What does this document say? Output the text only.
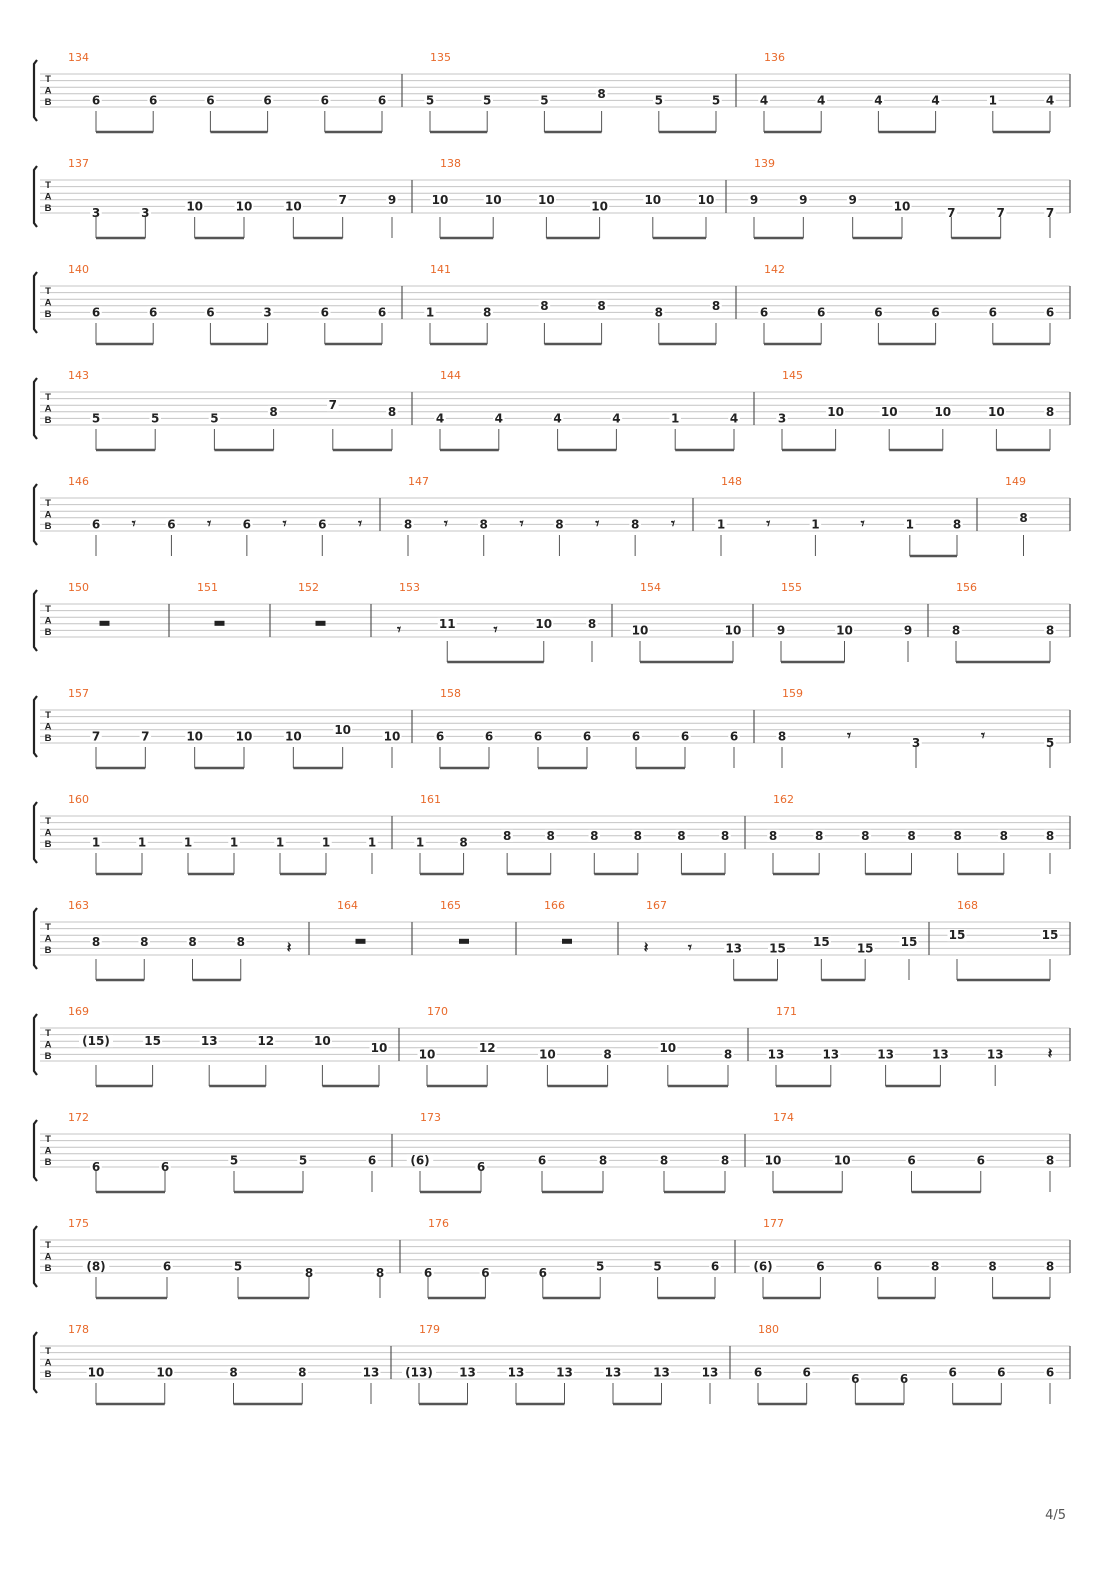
T
A
B
134
6	6	6	6	6	6
135
5	5	5	8	5	5
136
4	4	4	4	1	4
T
A
B
137
3	3	10	10	10	7	9
138
10	10	10	10	10	10
139
9	9	9	10	7	7	7
T
A
B
140
6	6	6	3	6	6
141
1	8	8	8	8	8
142
6	6	6	6	6	6
T
A
B
143
5	5	5	8	7	8
144
4	4	4	4	1	4
145
3	10	10	10	10	8
T
A
B
146
6 𝄾	6 𝄾	6 𝄾	6 𝄾
147
8 𝄾	8 𝄾	8 𝄾	8 𝄾
148
1	𝄾	1	𝄾	1	8
149
8
T
A
B
150	151	152	153
𝄾	11	𝄾	10	8
154
10	10
155
9	10	9
156
8	8
T
A
B
157
7	7	10	10	10	10	10
158
6	6	6	6	6	6	6
159
8	𝄾	3	𝄾	5
T
A
B
160
1	1	1	1	1	1	1
161
1	8	8	8	8	8	8	8
162
8	8	8	8	8	8	8
T
A
B
163
8	8	8	8	𝄽
164	165	166	167
𝄽	𝄾	13 15 15 15 15
168
15	15
T
A
B
169
(15)	15	13	12	10	10
170
10	12	10	8	10	8
171
13	13	13	13	13	𝄽
T
A
B
172
6	6	5	5	6
173
(6)	6	6	8	8	8
174
10	10	6	6	8
T
A
B
175
(8)	6	5	8	8
176
6	6	6	5	5	6
177
(6)	6	6	8	8	8
T
A
B
178
10	10	8	8	13
179
(13) 13	13	13	13	13	13
180
6	6	6	6	6	6	6
4/5
